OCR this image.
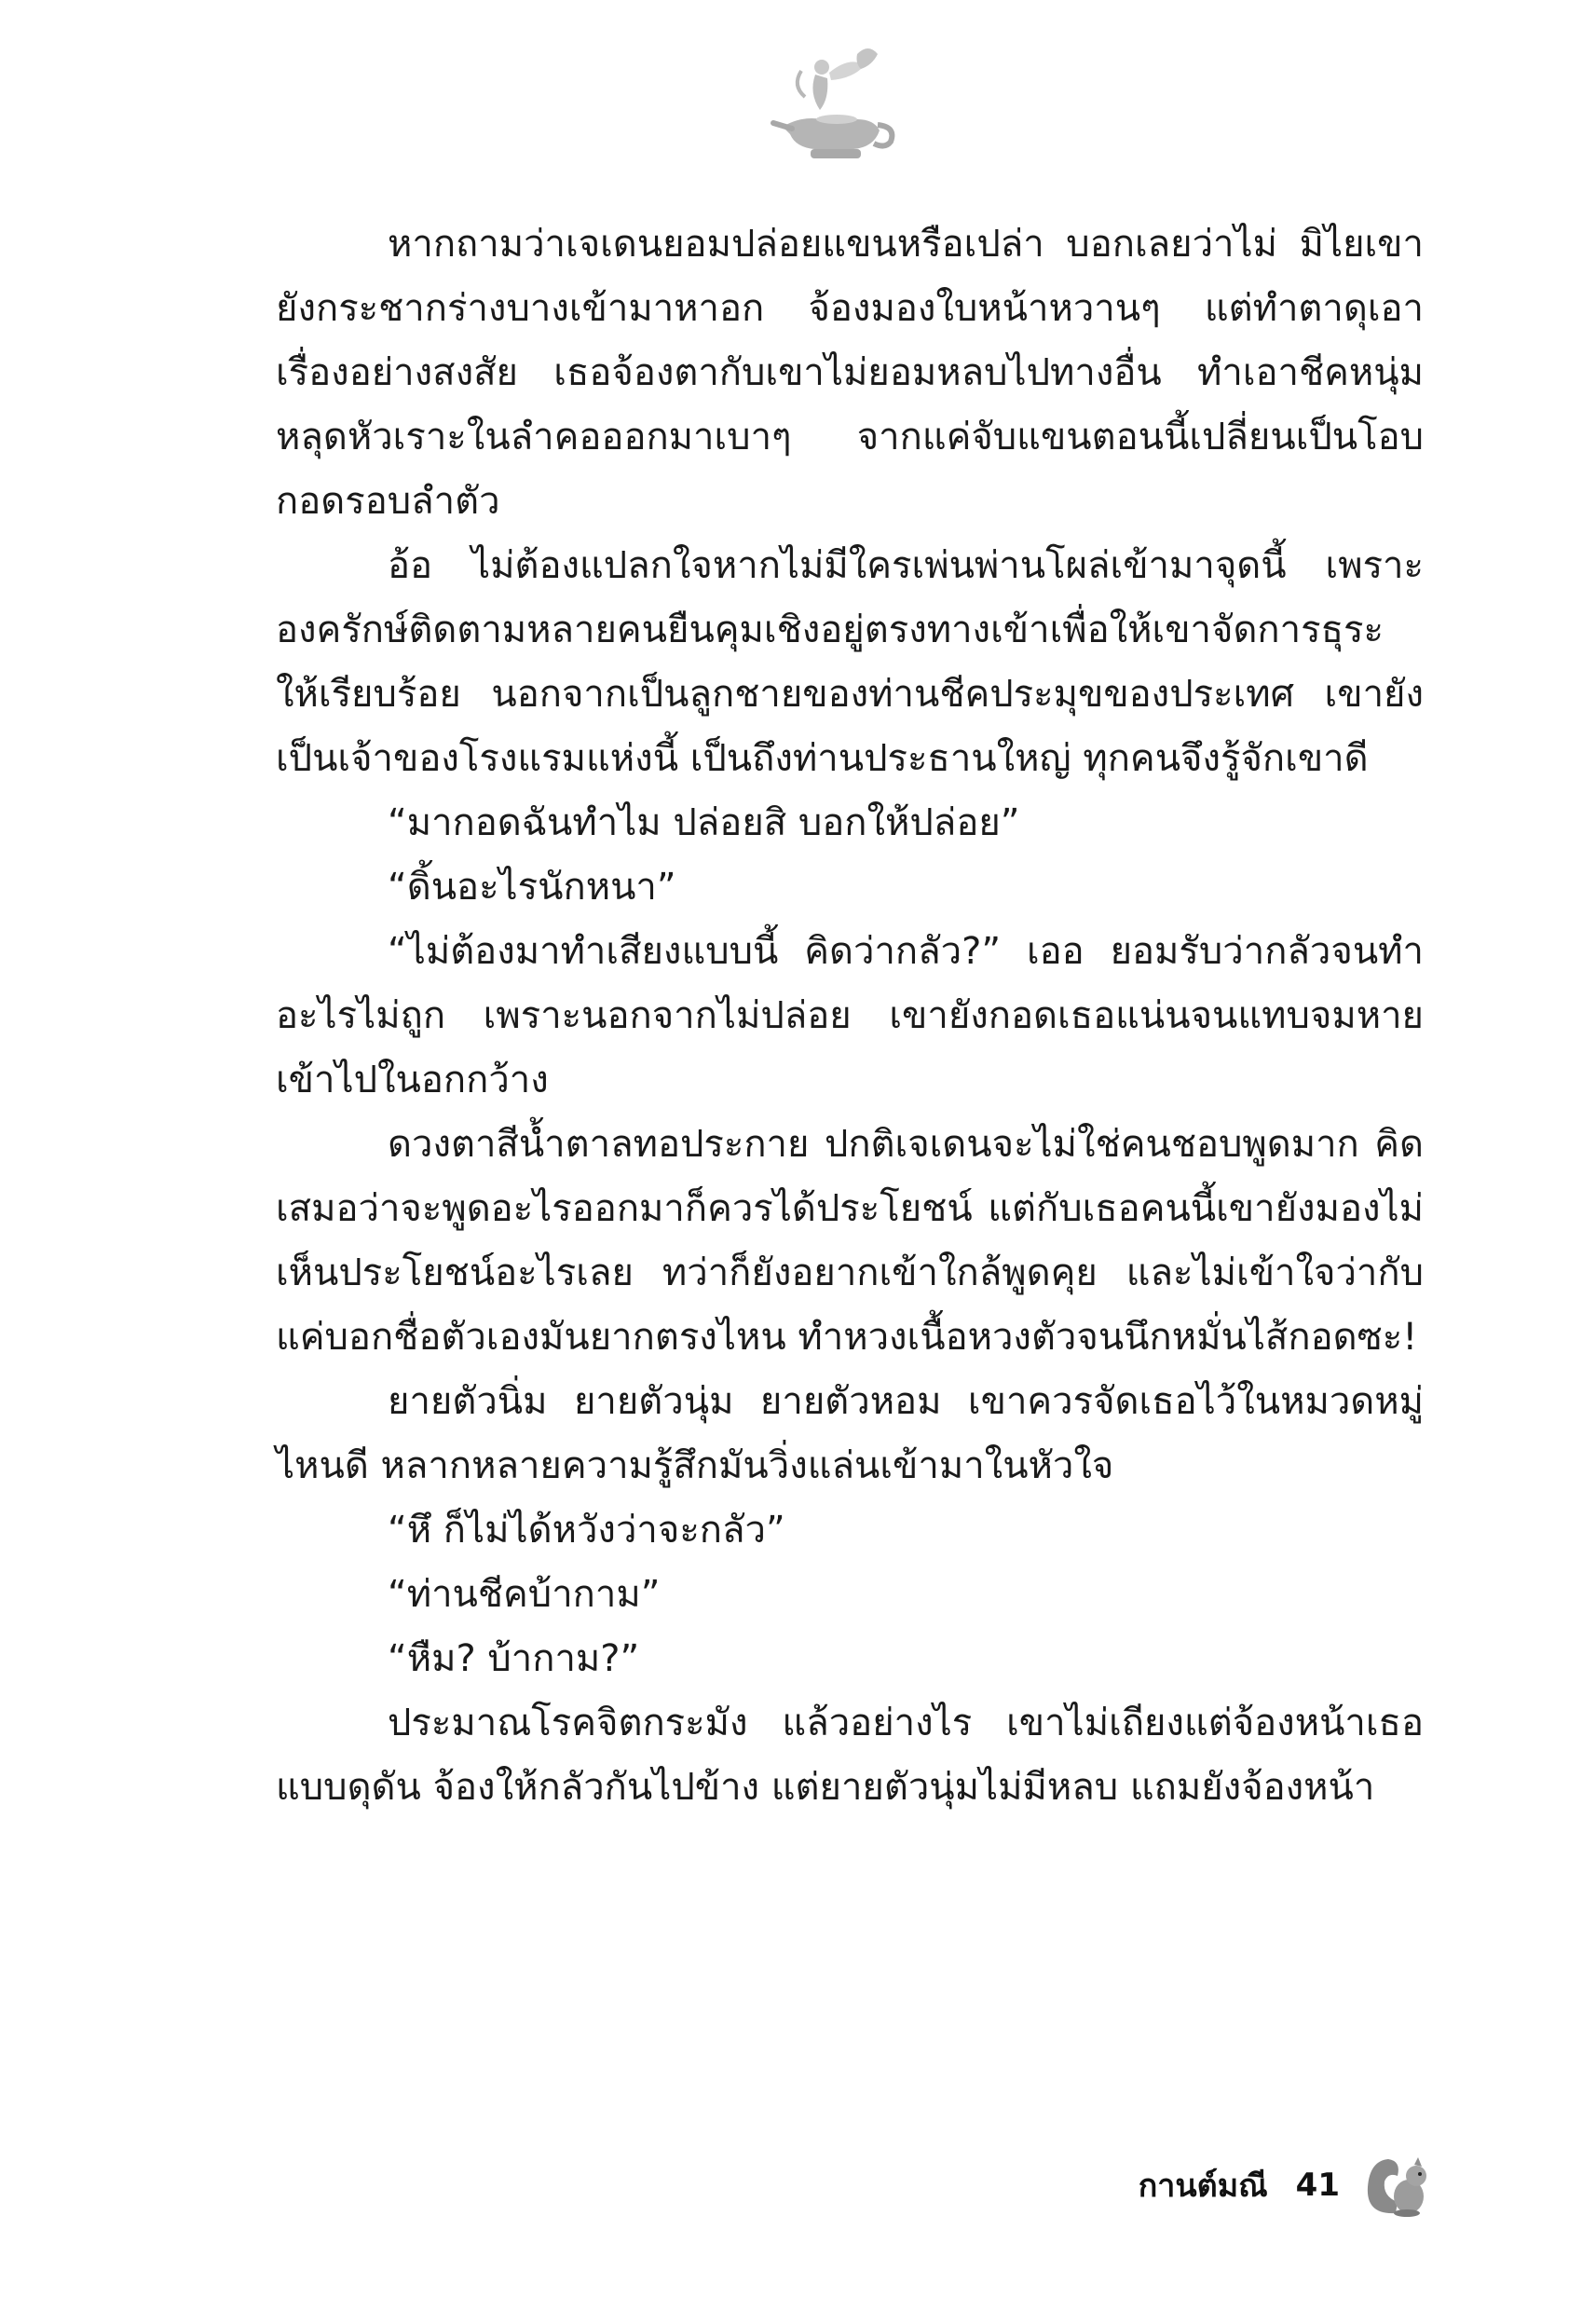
หากถามว่าเจเดนยอมปล่อยแขนหรือเปล่า บอกเลยว่าไม่ มิไยเขายังกระชากร่างบางเข้ามาหาอก จ้องมองใบหน้าหวานๆ แต่ทำตาดุเอาเรื่องอย่างสงสัย เธอจ้องตากับเขาไม่ยอมหลบไปทางอื่น ทำเอาชีคหนุ่มหลุดหัวเราะในลำคอออกมาเบาๆ จากแค่จับแขนตอนนี้เปลี่ยนเป็นโอบกอดรอบลำตัว

อ้อ ไม่ต้องแปลกใจหากไม่มีใครเพ่นพ่านโผล่เข้ามาจุดนี้ เพราะองครักษ์ติดตามหลายคนยืนคุมเชิงอยู่ตรงทางเข้าเพื่อให้เขาจัดการธุระให้เรียบร้อย นอกจากเป็นลูกชายของท่านชีคประมุขของประเทศ เขายังเป็นเจ้าของโรงแรมแห่งนี้ เป็นถึงท่านประธานใหญ่ ทุกคนจึงรู้จักเขาดี

“มากอดฉันทำไม ปล่อยสิ บอกให้ปล่อย”

“ดิ้นอะไรนักหนา”

“ไม่ต้องมาทำเสียงแบบนี้ คิดว่ากลัว?” เออ ยอมรับว่ากลัวจนทำอะไรไม่ถูก เพราะนอกจากไม่ปล่อย เขายังกอดเธอแน่นจนแทบจมหายเข้าไปในอกกว้าง

ดวงตาสีน้ำตาลทอประกาย ปกติเจเดนจะไม่ใช่คนชอบพูดมาก คิดเสมอว่าจะพูดอะไรออกมาก็ควรได้ประโยชน์ แต่กับเธอคนนี้เขายังมองไม่เห็นประโยชน์อะไรเลย ทว่าก็ยังอยากเข้าใกล้พูดคุย และไม่เข้าใจว่ากับแค่บอกชื่อตัวเองมันยากตรงไหน ทำหวงเนื้อหวงตัวจนนึกหมั่นไส้กอดซะ!

ยายตัวนิ่ม ยายตัวนุ่ม ยายตัวหอม เขาควรจัดเธอไว้ในหมวดหมู่ไหนดี หลากหลายความรู้สึกมันวิ่งแล่นเข้ามาในหัวใจ

“หึ ก็ไม่ได้หวังว่าจะกลัว”

“ท่านชีคบ้ากาม”

“หืม? บ้ากาม?”

ประมาณโรคจิตกระมัง แล้วอย่างไร เขาไม่เถียงแต่จ้องหน้าเธอแบบดุดัน จ้องให้กลัวกันไปข้าง แต่ยายตัวนุ่มไม่มีหลบ แถมยังจ้องหน้า

กานต์มณี 41
